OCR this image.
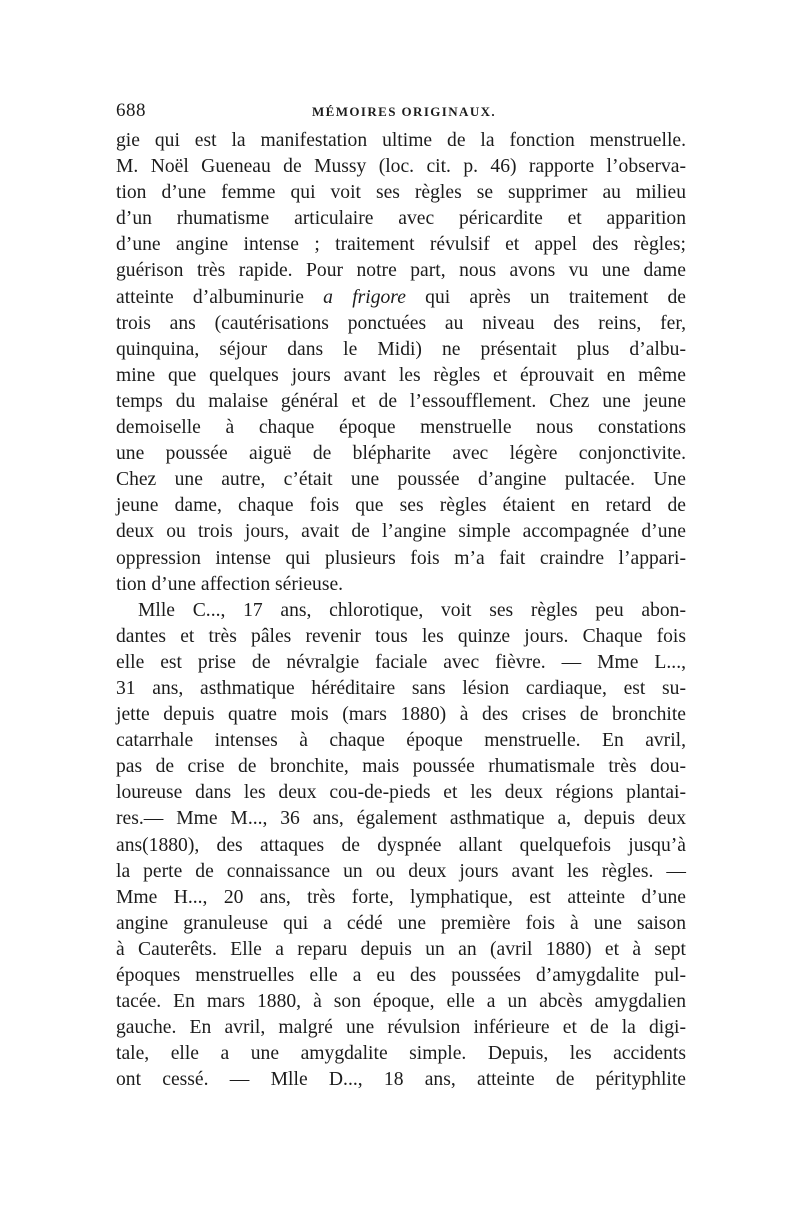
688	MÉMOIRES ORIGINAUX.
gie qui est la manifestation ultime de la fonction menstruelle.
M. Noël Gueneau de Mussy (loc. cit. p. 46) rapporte l’observa-
tion d’une femme qui voit ses règles se supprimer au milieu
d’un rhumatisme articulaire avec péricardite et apparition
d’une angine intense ; traitement révulsif et appel des règles;
guérison très rapide. Pour notre part, nous avons vu une dame
atteinte d’albuminurie a frigore qui après un traitement de
trois ans (cautérisations ponctuées au niveau des reins, fer,
quinquina, séjour dans le Midi) ne présentait plus d’albu-
mine que quelques jours avant les règles et éprouvait en même
temps du malaise général et de l’essoufflement. Chez une jeune
demoiselle à chaque époque menstruelle nous constations
une poussée aiguë de blépharite avec légère conjonctivite.
Chez une autre, c’était une poussée d’angine pultacée. Une
jeune dame, chaque fois que ses règles étaient en retard de
deux ou trois jours, avait de l’angine simple accompagnée d’une
oppression intense qui plusieurs fois m’a fait craindre l’appari-
tion d’une affection sérieuse.
Mlle C..., 17 ans, chlorotique, voit ses règles peu abon-
dantes et très pâles revenir tous les quinze jours. Chaque fois
elle est prise de névralgie faciale avec fièvre. — Mme L...,
31 ans, asthmatique héréditaire sans lésion cardiaque, est su-
jette depuis quatre mois (mars 1880) à des crises de bronchite
catarrhale intenses à chaque époque menstruelle. En avril,
pas de crise de bronchite, mais poussée rhumatismale très dou-
loureuse dans les deux cou-de-pieds et les deux régions plantai-
res.— Mme M..., 36 ans, également asthmatique a, depuis deux
ans(1880), des attaques de dyspnée allant quelquefois jusqu’à
la perte de connaissance un ou deux jours avant les règles. —
Mme H..., 20 ans, très forte, lymphatique, est atteinte d’une
angine granuleuse qui a cédé une première fois à une saison
à Cauterêts. Elle a reparu depuis un an (avril 1880) et à sept
époques menstruelles elle a eu des poussées d’amygdalite pul-
tacée. En mars 1880, à son époque, elle a un abcès amygdalien
gauche. En avril, malgré une révulsion inférieure et de la digi-
tale, elle a une amygdalite simple. Depuis, les accidents
ont cessé. — Mlle D..., 18 ans, atteinte de pérityphlite
